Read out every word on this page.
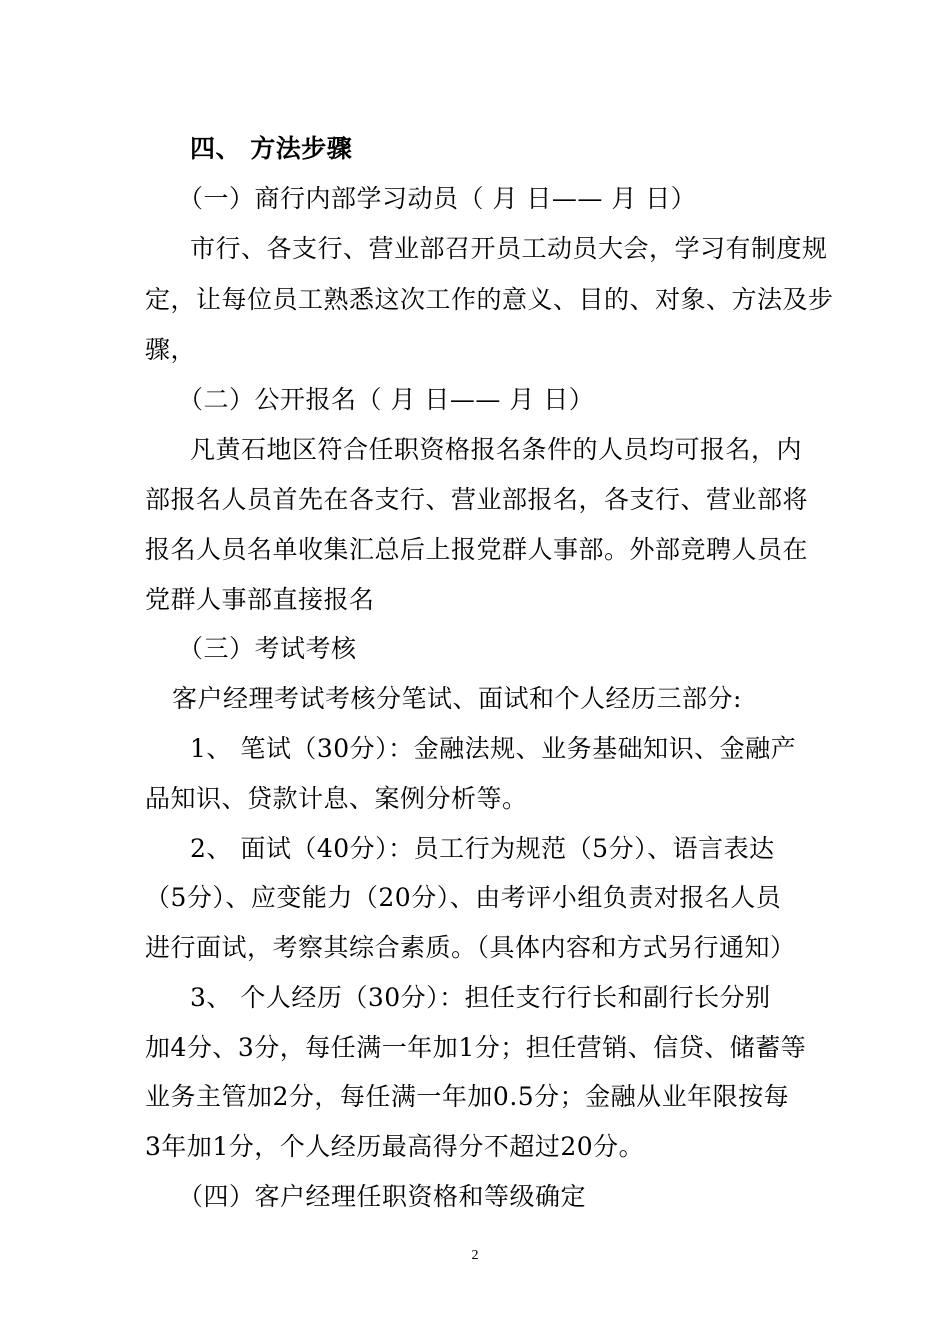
四、 方法步骤
（一）商行内部学习动员（ 月 日—— 月 日）
市行、各支行、营业部召开员工动员大会，学习有制度规
定，让每位员工熟悉这次工作的意义、目的、对象、方法及步
骤，
（二）公开报名（ 月 日—— 月 日）
凡黄石地区符合任职资格报名条件的人员均可报名，内
部报名人员首先在各支行、营业部报名，各支行、营业部将
报名人员名单收集汇总后上报党群人事部。外部竞聘人员在
党群人事部直接报名
（三）考试考核
客户经理考试考核分笔试、面试和个人经历三部分:
1、 笔试（30分）：金融法规、业务基础知识、金融产
品知识、贷款计息、案例分析等。
2、 面试（40分）：员工行为规范（5分）、语言表达
（5分）、应变能力（20分）、由考评小组负责对报名人员
进行面试，考察其综合素质。（具体内容和方式另行通知）
3、 个人经历（30分）：担任支行行长和副行长分别
加4分、3分，每任满一年加1分；担任营销、信贷、储蓄等
业务主管加2分，每任满一年加0.5分；金融从业年限按每
3年加1分，个人经历最高得分不超过20分。
（四）客户经理任职资格和等级确定
2
